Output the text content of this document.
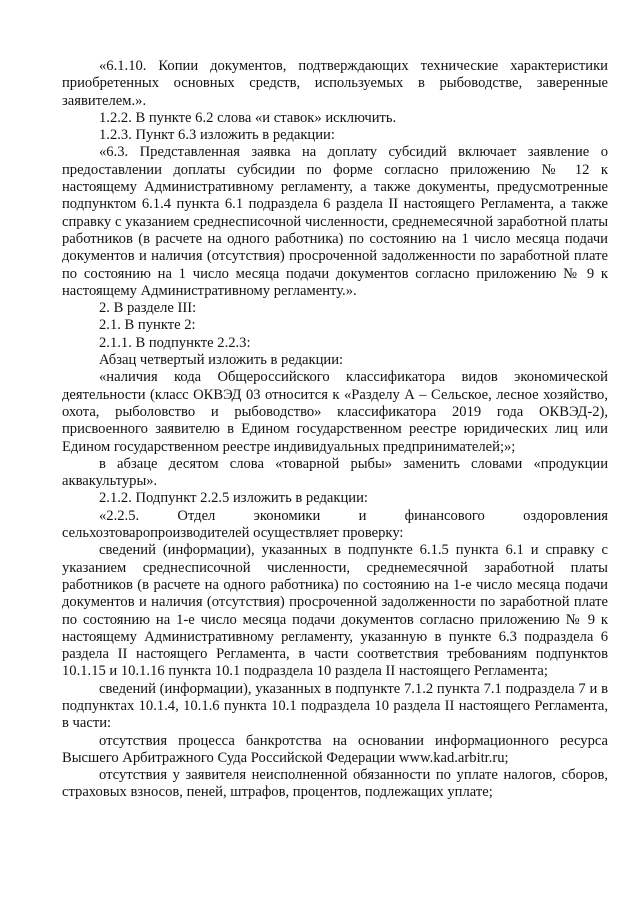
«6.1.10. Копии документов, подтверждающих технические характеристики приобретенных основных средств, используемых в рыбоводстве, заверенные заявителем.».

1.2.2. В пункте 6.2 слова «и ставок» исключить.

1.2.3. Пункт 6.3 изложить в редакции:

«6.3. Представленная заявка на доплату субсидий включает заявление о предоставлении доплаты субсидии по форме согласно приложению № 12 к настоящему Административному регламенту, а также документы, предусмотренные подпунктом 6.1.4 пункта 6.1 подраздела 6 раздела II настоящего Регламента, а также справку с указанием среднесписочной численности, среднемесячной заработной платы работников (в расчете на одного работника) по состоянию на 1 число месяца подачи документов и наличия (отсутствия) просроченной задолженности по заработной плате по состоянию на 1 число месяца подачи документов согласно приложению № 9 к настоящему Административному регламенту.».

2. В разделе III:

2.1. В пункте 2:

2.1.1. В подпункте 2.2.3:

Абзац четвертый изложить в редакции:

«наличия кода Общероссийского классификатора видов экономической деятельности (класс ОКВЭД 03 относится к «Разделу А – Сельское, лесное хозяйство, охота, рыболовство и рыбоводство» классификатора 2019 года ОКВЭД-2), присвоенного заявителю в Едином государственном реестре юридических лиц или Едином государственном реестре индивидуальных предпринимателей;»;

в абзаце десятом слова «товарной рыбы» заменить словами «продукции аквакультуры».

2.1.2. Подпункт 2.2.5 изложить в редакции:

«2.2.5. Отдел экономики и финансового оздоровления сельхозтоваропроизводителей осуществляет проверку:

сведений (информации), указанных в подпункте 6.1.5 пункта 6.1 и справку с указанием среднесписочной численности, среднемесячной заработной платы работников (в расчете на одного работника) по состоянию на 1-е число месяца подачи документов и наличия (отсутствия) просроченной задолженности по заработной плате по состоянию на 1-е число месяца подачи документов согласно приложению № 9 к настоящему Административному регламенту, указанную в пункте 6.3 подраздела 6 раздела II настоящего Регламента, в части соответствия требованиям подпунктов 10.1.15 и 10.1.16 пункта 10.1 подраздела 10 раздела II настоящего Регламента;

сведений (информации), указанных в подпункте 7.1.2 пункта 7.1 подраздела 7 и в подпунктах 10.1.4, 10.1.6 пункта 10.1 подраздела 10 раздела II настоящего Регламента, в части:

отсутствия процесса банкротства на основании информационного ресурса Высшего Арбитражного Суда Российской Федерации www.kad.arbitr.ru;

отсутствия у заявителя неисполненной обязанности по уплате налогов, сборов, страховых взносов, пеней, штрафов, процентов, подлежащих уплате;
